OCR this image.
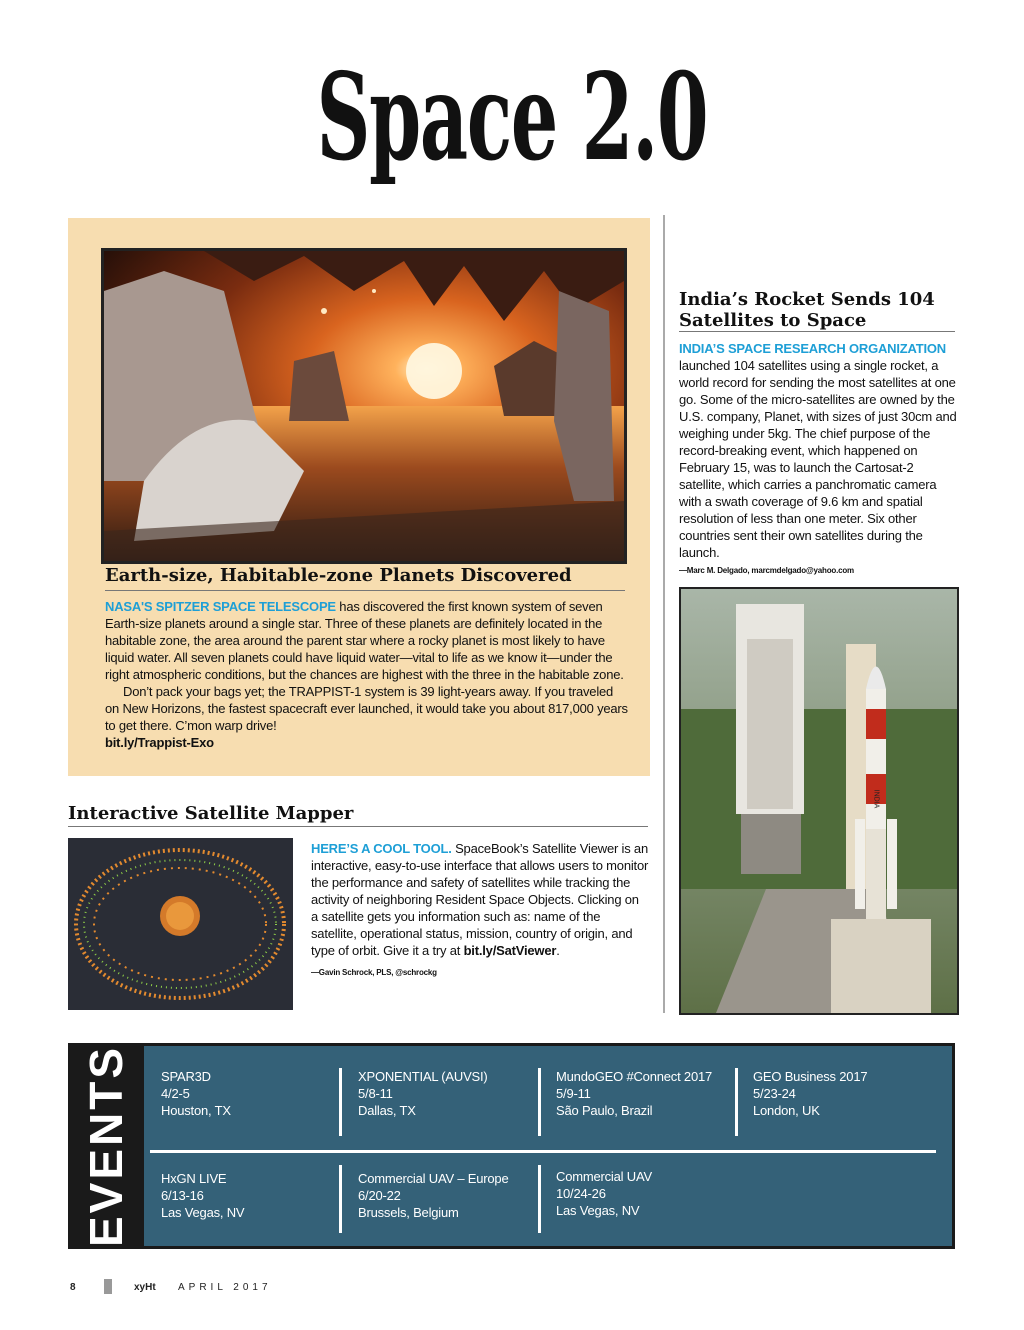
Space 2.0
Earth-size, Habitable-zone Planets Discovered
NASA'S SPITZER SPACE TELESCOPE has discovered the first known system of seven Earth-size planets around a single star. Three of these planets are definitely located in the habitable zone, the area around the parent star where a rocky planet is most likely to have liquid water. All seven planets could have liquid water—vital to life as we know it—under the right atmospheric conditions, but the chances are highest with the three in the habitable zone.
Don’t pack your bags yet; the TRAPPIST-1 system is 39 light-years away. If you traveled on New Horizons, the fastest spacecraft ever launched, it would take you about 817,000 years to get there. C’mon warp drive!
bit.ly/Trappist-Exo
Interactive Satellite Mapper
HERE’S A COOL TOOL. SpaceBook’s Satellite Viewer is an interactive, easy-to-use interface that allows users to monitor the performance and safety of satellites while tracking the activity of neighboring Resident Space Objects. Clicking on a satellite gets you information such as: name of the satellite, operational status, mission, country of origin, and type of orbit. Give it a try at bit.ly/SatViewer.
—Gavin Schrock, PLS, @schrockg
India’s Rocket Sends 104 Satellites to Space
INDIA’S SPACE RESEARCH ORGANIZATION
launched 104 satellites using a single rocket, a world record for sending the most satellites at one go. Some of the micro-satellites are owned by the U.S. company, Planet, with sizes of just 30cm and weighing under 5kg. The chief purpose of the record-breaking event, which happened on February 15, was to launch the Cartosat-2 satellite, which carries a panchromatic camera with a swath coverage of 9.6 km and spatial resolution of less than one meter. Six other countries sent their own satellites during the launch.
—Marc M. Delgado, marcmdelgado@yahoo.com
INDIA
EVENTS SPAR3D
4/2-5
Houston, TX
XPONENTIAL (AUVSI)
5/8-11
Dallas, TX
MundoGEO #Connect 2017
5/9-11
São Paulo, Brazil
GEO Business 2017
5/23-24
London, UK
HxGN LIVE
6/13-16
Las Vegas, NV
Commercial UAV – Europe
6/20-22
Brussels, Belgium
Commercial UAV
10/24-26
Las Vegas, NV
8	xyHt APRIL 2017
